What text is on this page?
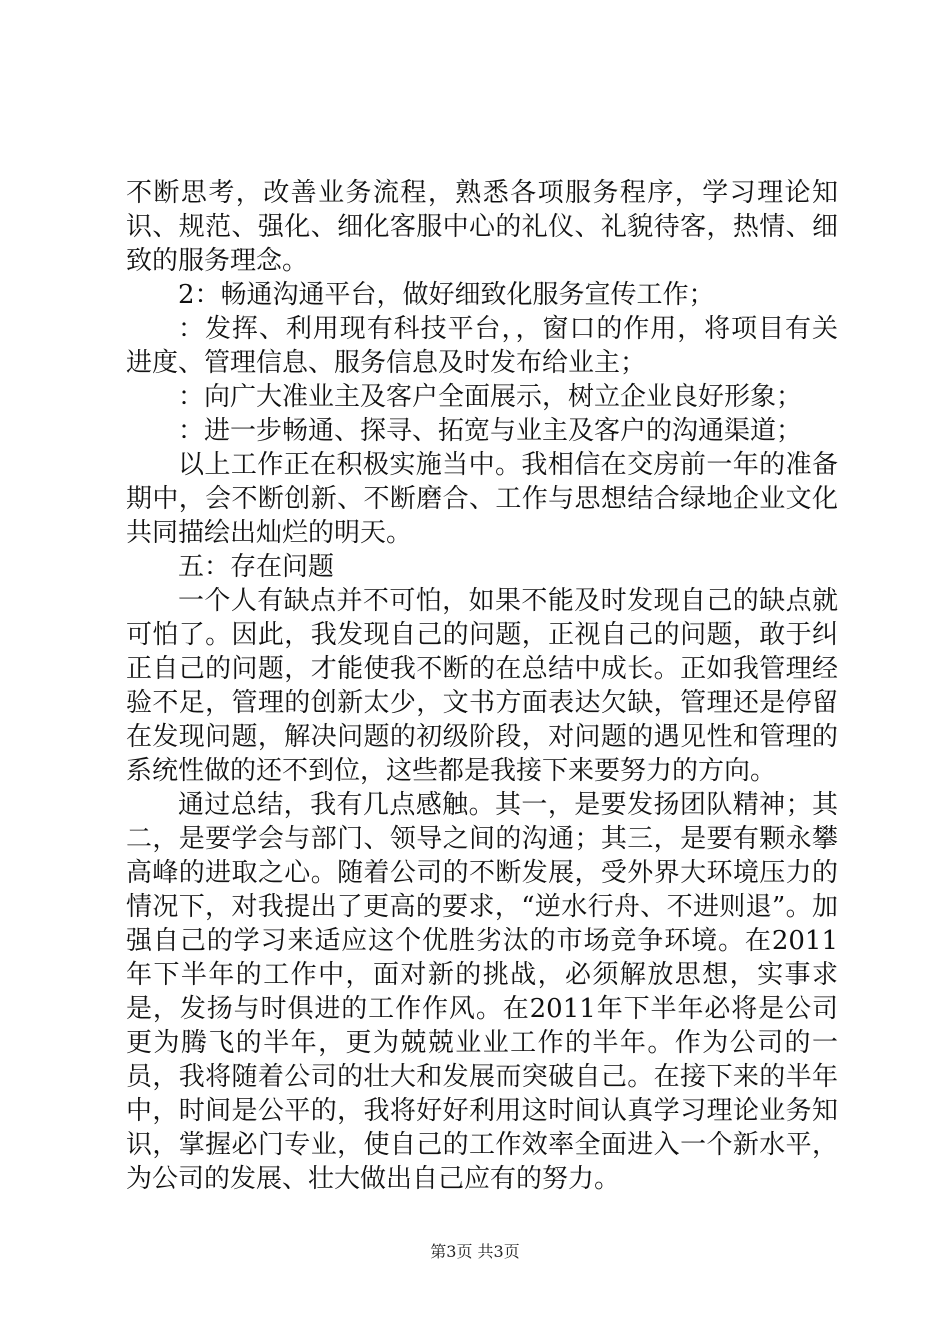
不断思考，改善业务流程，熟悉各项服务程序，学习理论知识、规范、强化、细化客服中心的礼仪、礼貌待客，热情、细致的服务理念。

2：畅通沟通平台，做好细致化服务宣传工作；

：发挥、利用现有科技平台，，窗口的作用，将项目有关进度、管理信息、服务信息及时发布给业主；

：向广大准业主及客户全面展示，树立企业良好形象；

：进一步畅通、探寻、拓宽与业主及客户的沟通渠道；

以上工作正在积极实施当中。我相信在交房前一年的准备期中，会不断创新、不断磨合、工作与思想结合绿地企业文化共同描绘出灿烂的明天。

五：存在问题

一个人有缺点并不可怕，如果不能及时发现自己的缺点就可怕了。因此，我发现自己的问题，正视自己的问题，敢于纠正自己的问题，才能使我不断的在总结中成长。正如我管理经验不足，管理的创新太少，文书方面表达欠缺，管理还是停留在发现问题，解决问题的初级阶段，对问题的遇见性和管理的系统性做的还不到位，这些都是我接下来要努力的方向。

通过总结，我有几点感触。其一，是要发扬团队精神；其二，是要学会与部门、领导之间的沟通；其三，是要有颗永攀高峰的进取之心。随着公司的不断发展，受外界大环境压力的情况下，对我提出了更高的要求，“逆水行舟、不进则退”。加强自己的学习来适应这个优胜劣汰的市场竞争环境。在2011年下半年的工作中，面对新的挑战，必须解放思想，实事求是，发扬与时俱进的工作作风。在2011年下半年必将是公司更为腾飞的半年，更为兢兢业业工作的半年。作为公司的一员，我将随着公司的壮大和发展而突破自己。在接下来的半年中，时间是公平的，我将好好利用这时间认真学习理论业务知识，掌握必门专业，使自己的工作效率全面进入一个新水平，为公司的发展、壮大做出自己应有的努力。

第3页 共3页
